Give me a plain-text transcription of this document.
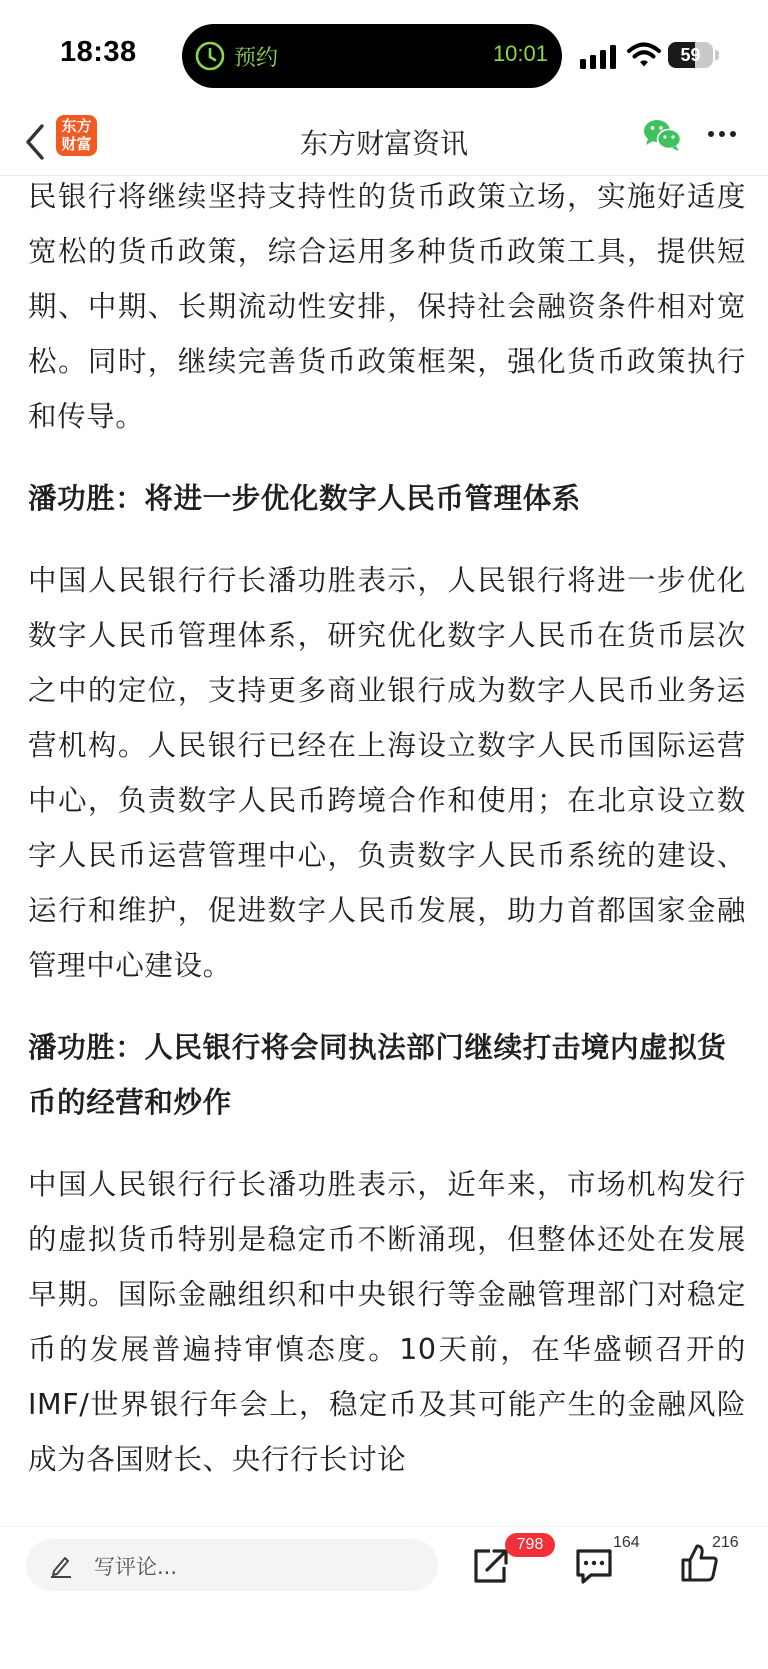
18:38	预约	10:01	59
东方
财富	东方财富资讯

民银行将继续坚持支持性的货币政策立场，实施好适度宽松的货币政策，综合运用多种货币政策工具，提供短期、中期、长期流动性安排，保持社会融资条件相对宽松。同时，继续完善货币政策框架，强化货币政策执行和传导。

潘功胜：将进一步优化数字人民币管理体系

中国人民银行行长潘功胜表示，人民银行将进一步优化数字人民币管理体系，研究优化数字人民币在货币层次之中的定位，支持更多商业银行成为数字人民币业务运营机构。人民银行已经在上海设立数字人民币国际运营中心，负责数字人民币跨境合作和使用；在北京设立数字人民币运营管理中心，负责数字人民币系统的建设、运行和维护，促进数字人民币发展，助力首都国家金融管理中心建设。

潘功胜：人民银行将会同执法部门继续打击境内虚拟货币的经营和炒作

中国人民银行行长潘功胜表示，近年来，市场机构发行的虚拟货币特别是稳定币不断涌现，但整体还处在发展早期。国际金融组织和中央银行等金融管理部门对稳定币的发展普遍持审慎态度。10天前，在华盛顿召开的IMF/世界银行年会上，稳定币及其可能产生的金融风险成为各国财长、央行行长讨论

写评论...
798	164	216
